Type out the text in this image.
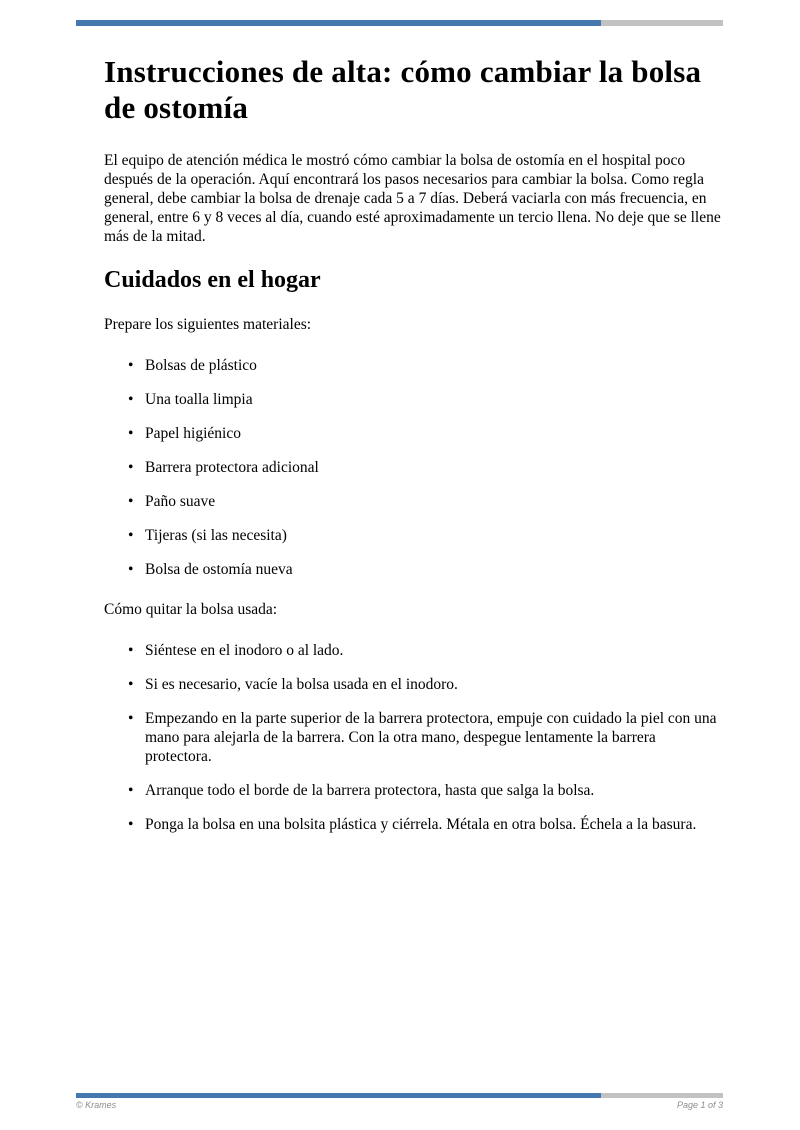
Instrucciones de alta: cómo cambiar la bolsa de ostomía

El equipo de atención médica le mostró cómo cambiar la bolsa de ostomía en el hospital poco después de la operación. Aquí encontrará los pasos necesarios para cambiar la bolsa. Como regla general, debe cambiar la bolsa de drenaje cada 5 a 7 días. Deberá vaciarla con más frecuencia, en general, entre 6 y 8 veces al día, cuando esté aproximadamente un tercio llena. No deje que se llene más de la mitad.

Cuidados en el hogar

Prepare los siguientes materiales:

• Bolsas de plástico
• Una toalla limpia
• Papel higiénico
• Barrera protectora adicional
• Paño suave
• Tijeras (si las necesita)
• Bolsa de ostomía nueva

Cómo quitar la bolsa usada:

• Siéntese en el inodoro o al lado.
• Si es necesario, vacíe la bolsa usada en el inodoro.
• Empezando en la parte superior de la barrera protectora, empuje con cuidado la piel con una mano para alejarla de la barrera. Con la otra mano, despegue lentamente la barrera protectora.
• Arranque todo el borde de la barrera protectora, hasta que salga la bolsa.
• Ponga la bolsa en una bolsita plástica y ciérrela. Métala en otra bolsa. Échela a la basura.
© Krames	Page 1 of 3
